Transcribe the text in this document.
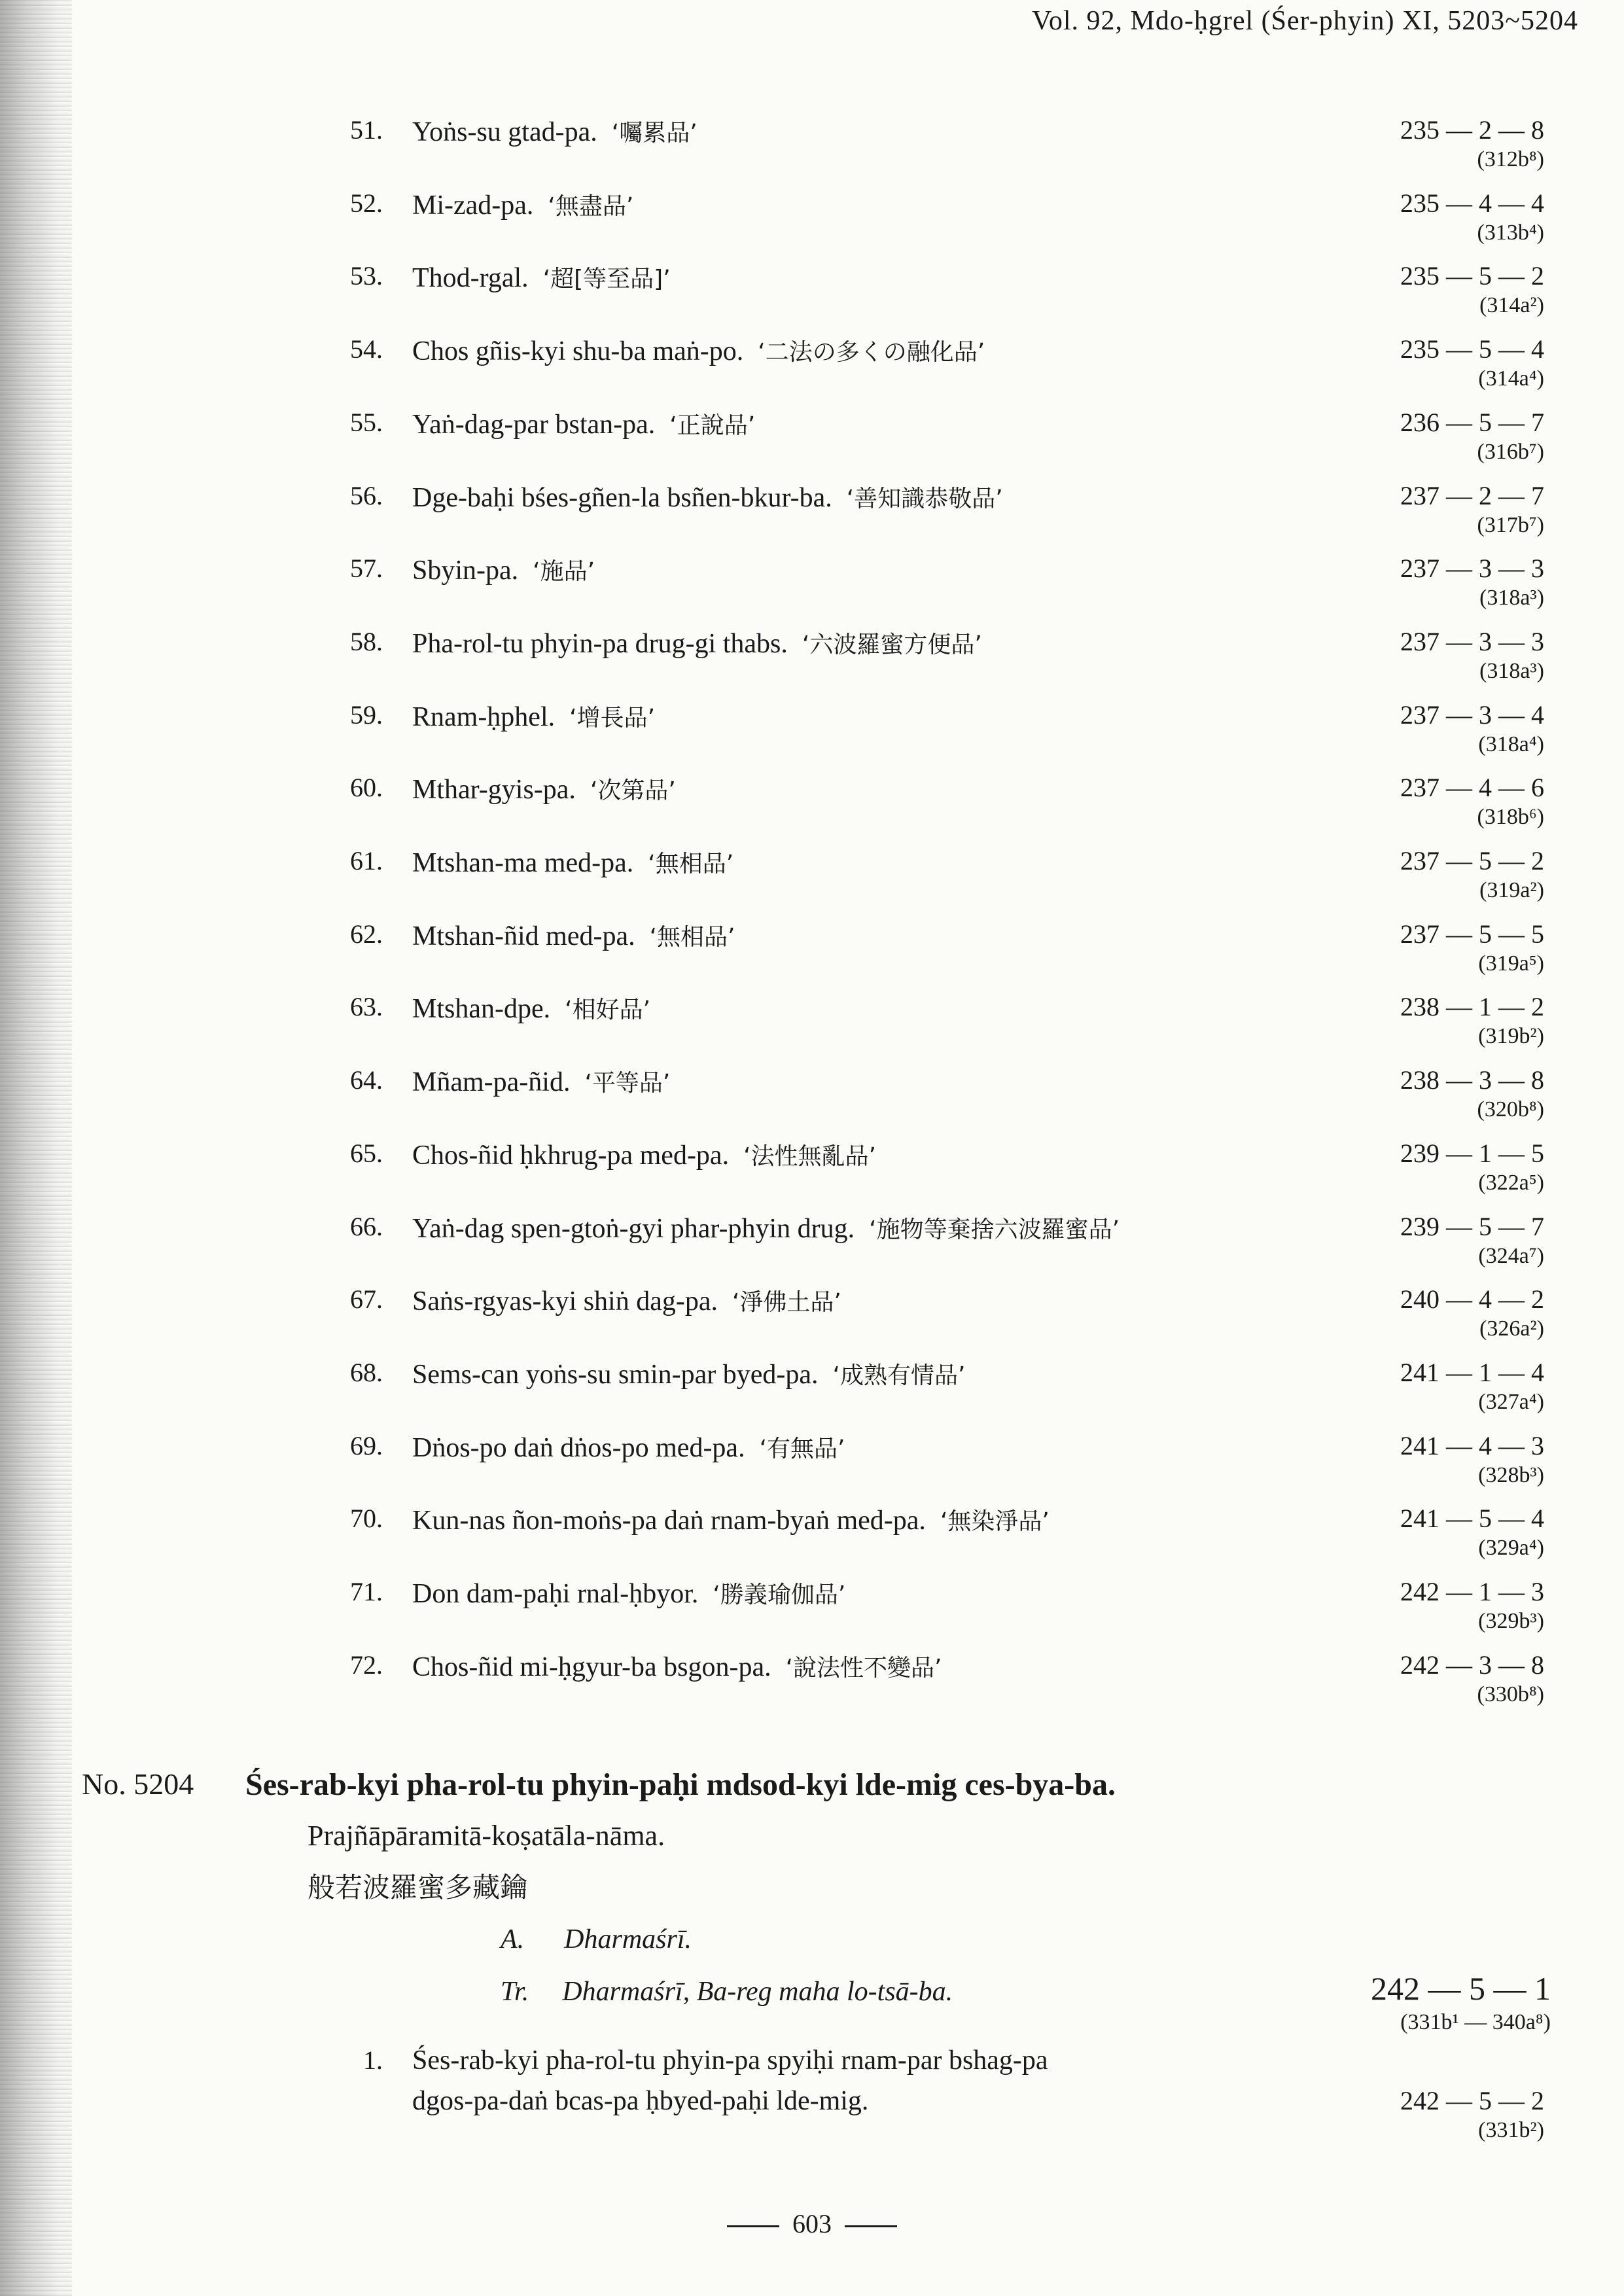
Vol. 92, Mdo-ḥgrel (Śer-phyin) XI, 5203~5204
51. Yoṅs-su gtad-pa. ‘囑累品’	235 — 2 — 8
(312b⁸)
52. Mi-zad-pa. ‘無盡品’	235 — 4 — 4
(313b⁴)
53. Thod-rgal. ‘超[等至品]’	235 — 5 — 2
(314a²)
54. Chos gñis-kyi shu-ba maṅ-po. ‘二法の多くの融化品’	235 — 5 — 4
(314a⁴)
55. Yaṅ-dag-par bstan-pa. ‘正說品’	236 — 5 — 7
(316b⁷)
56. Dge-baḥi bśes-gñen-la bsñen-bkur-ba. ‘善知識恭敬品’	237 — 2 — 7
(317b⁷)
57. Sbyin-pa. ‘施品’	237 — 3 — 3
(318a³)
58. Pha-rol-tu phyin-pa drug-gi thabs. ‘六波羅蜜方便品’	237 — 3 — 3
(318a³)
59. Rnam-ḥphel. ‘增長品’	237 — 3 — 4
(318a⁴)
60. Mthar-gyis-pa. ‘次第品’	237 — 4 — 6
(318b⁶)
61. Mtshan-ma med-pa. ‘無相品’	237 — 5 — 2
(319a²)
62. Mtshan-ñid med-pa. ‘無相品’	237 — 5 — 5
(319a⁵)
63. Mtshan-dpe. ‘相好品’	238 — 1 — 2
(319b²)
64. Mñam-pa-ñid. ‘平等品’	238 — 3 — 8
(320b⁸)
65. Chos-ñid ḥkhrug-pa med-pa. ‘法性無亂品’	239 — 1 — 5
(322a⁵)
66. Yaṅ-dag spen-gtoṅ-gyi phar-phyin drug. ‘施物等棄捨六波羅蜜品’	239 — 5 — 7
(324a⁷)
67. Saṅs-rgyas-kyi shiṅ dag-pa. ‘淨佛土品’	240 — 4 — 2
(326a²)
68. Sems-can yoṅs-su smin-par byed-pa. ‘成熟有情品’	241 — 1 — 4
(327a⁴)
69. Dṅos-po daṅ dṅos-po med-pa. ‘有無品’	241 — 4 — 3
(328b³)
70. Kun-nas ñon-moṅs-pa daṅ rnam-byaṅ med-pa. ‘無染淨品’	241 — 5 — 4
(329a⁴)
71. Don dam-paḥi rnal-ḥbyor. ‘勝義瑜伽品’	242 — 1 — 3
(329b³)
72. Chos-ñid mi-ḥgyur-ba bsgon-pa. ‘說法性不變品’	242 — 3 — 8
(330b⁸)
No. 5204 Śes-rab-kyi pha-rol-tu phyin-paḥi mdsod-kyi lde-mig ces-bya-ba.
Prajñāpāramitā-koṣatāla-nāma.
般若波羅蜜多藏鑰
A. Dharmaśrī.
Tr. Dharmaśrī, Ba-reg maha lo-tsā-ba.	242 — 5 — 1
(331b¹ — 340a⁸)
1. Śes-rab-kyi pha-rol-tu phyin-pa spyiḥi rnam-par bshag-pa
dgos-pa-daṅ bcas-pa ḥbyed-paḥi lde-mig.	242 — 5 — 2
(331b²)
603
